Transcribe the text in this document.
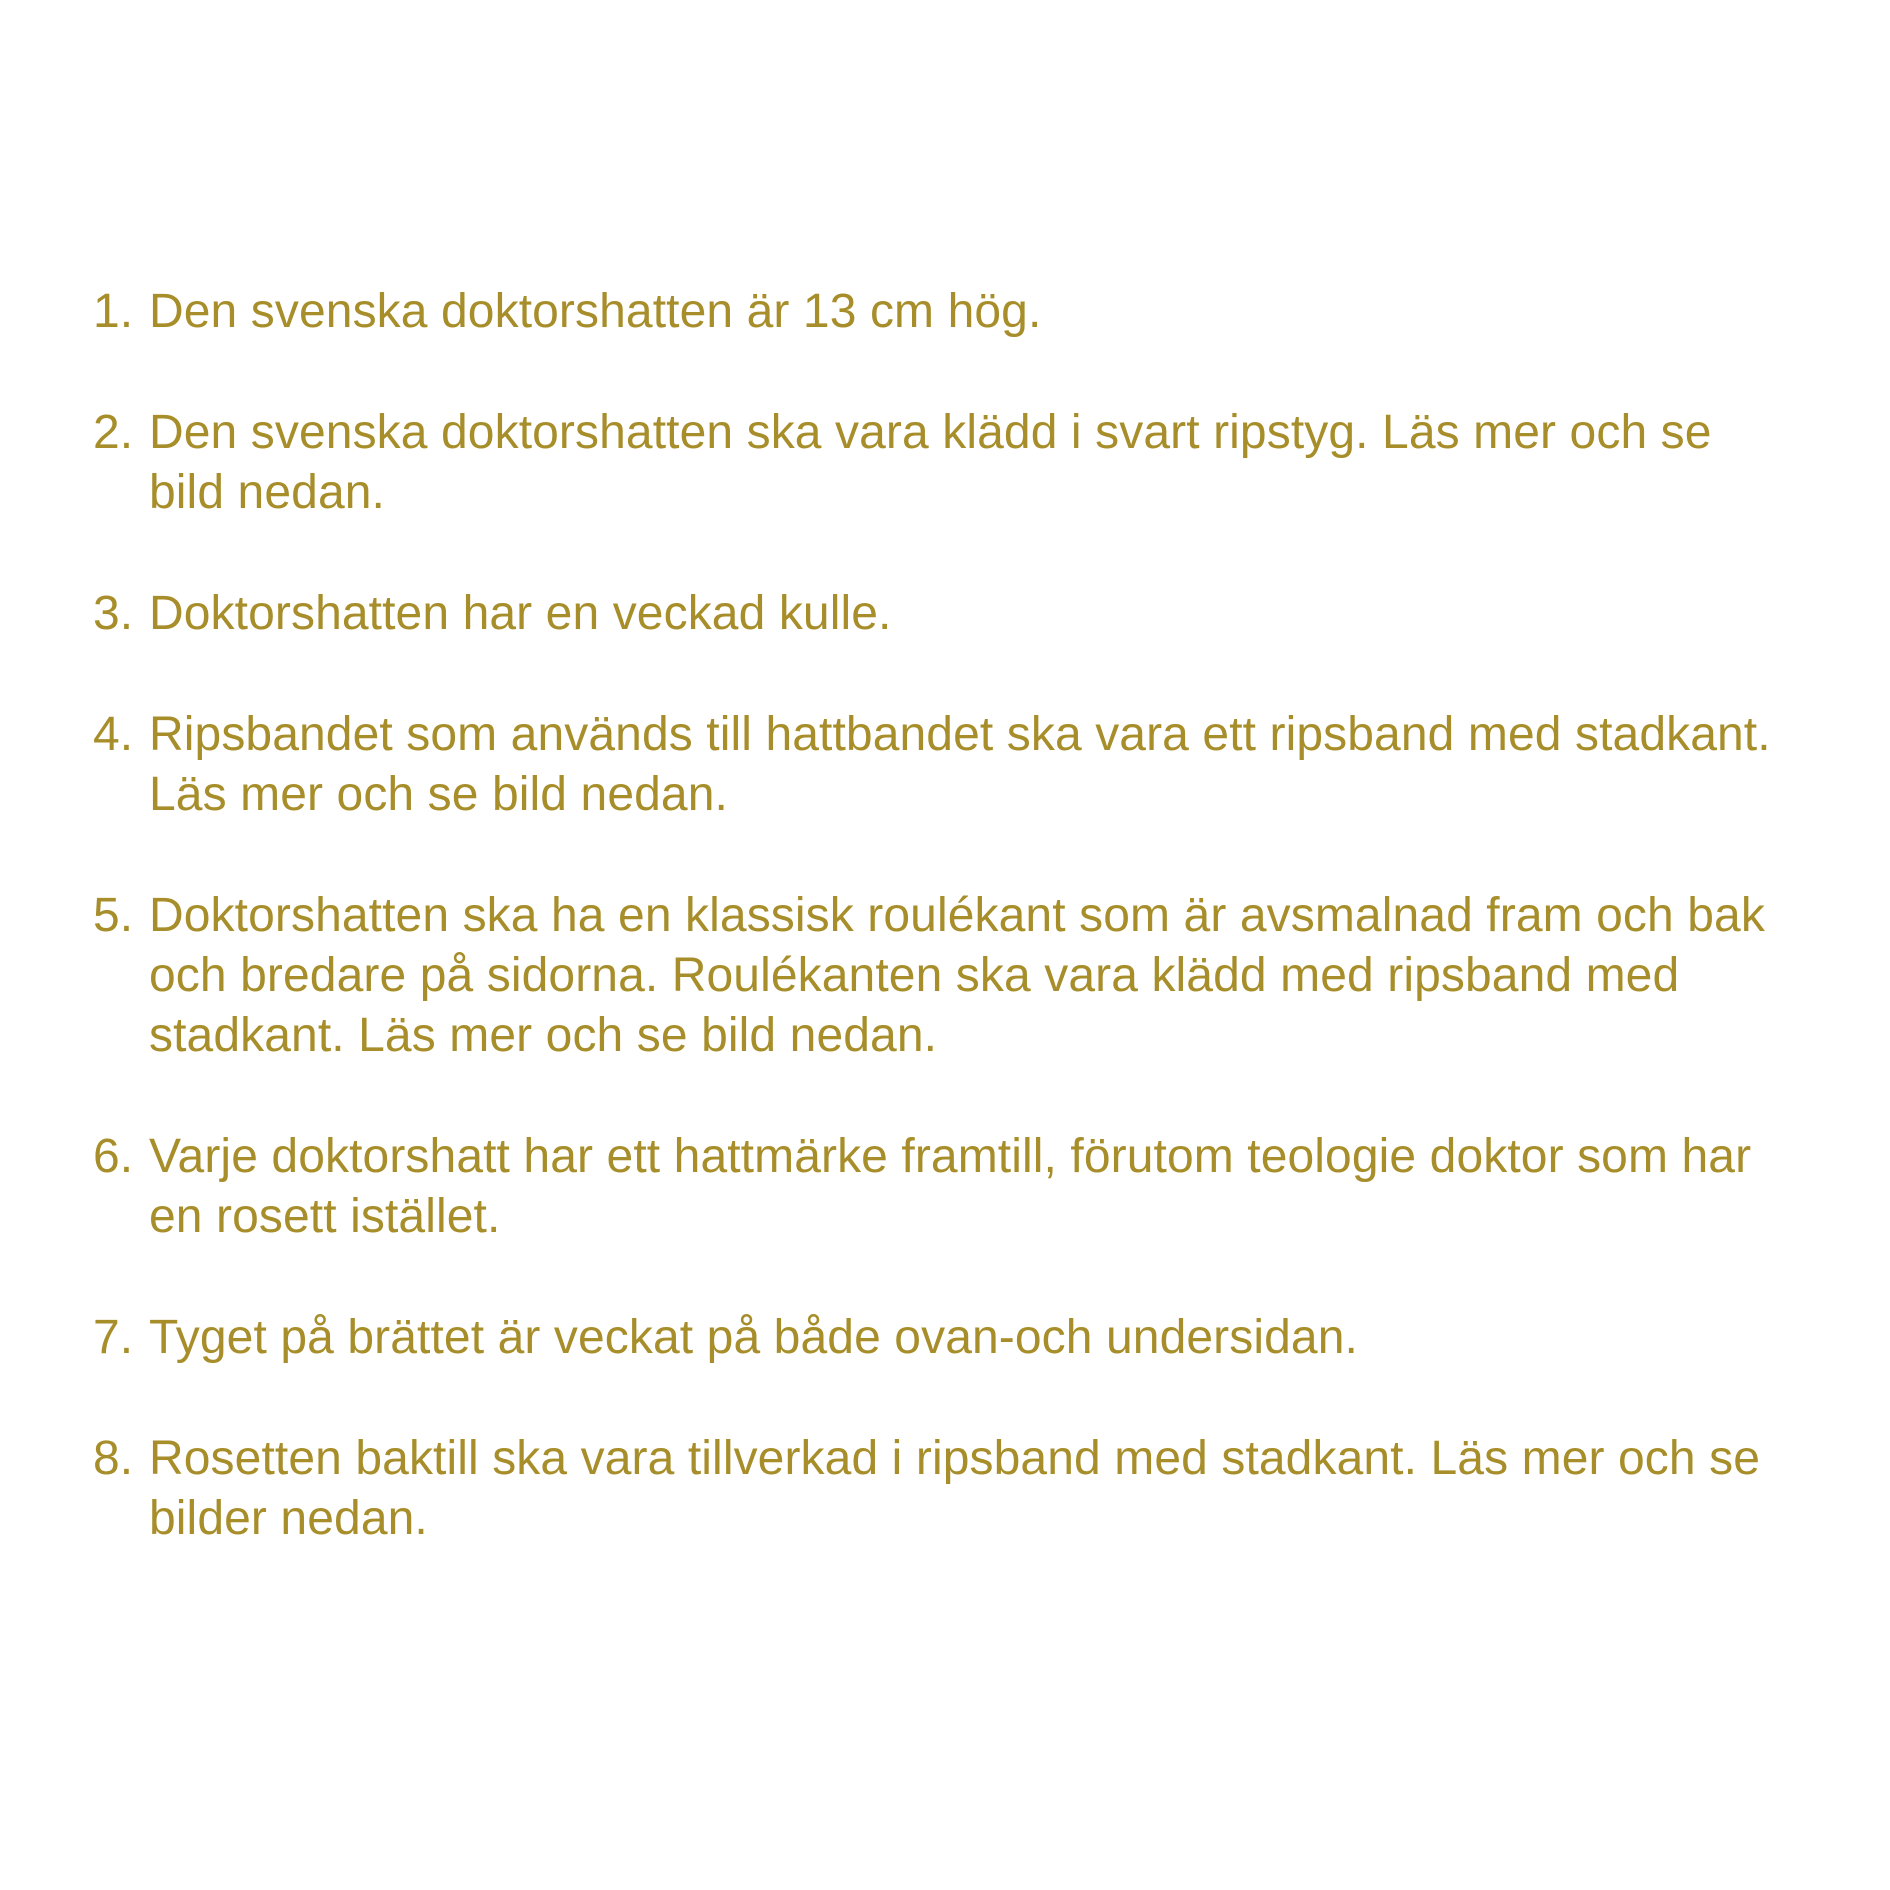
1. Den svenska doktorshatten är 13 cm hög.
2. Den svenska doktorshatten ska vara klädd i svart ripstyg. Läs mer och se
bild nedan.
3. Doktorshatten har en veckad kulle.
4. Ripsbandet som används till hattbandet ska vara ett ripsband med stadkant.
Läs mer och se bild nedan.
5. Doktorshatten ska ha en klassisk roulékant som är avsmalnad fram och bak
och bredare på sidorna. Roulékanten ska vara klädd med ripsband med
stadkant. Läs mer och se bild nedan.
6. Varje doktorshatt har ett hattmärke framtill, förutom teologie doktor som har
en rosett istället.
7. Tyget på brättet är veckat på både ovan-och undersidan.
8. Rosetten baktill ska vara tillverkad i ripsband med stadkant. Läs mer och se
bilder nedan.
